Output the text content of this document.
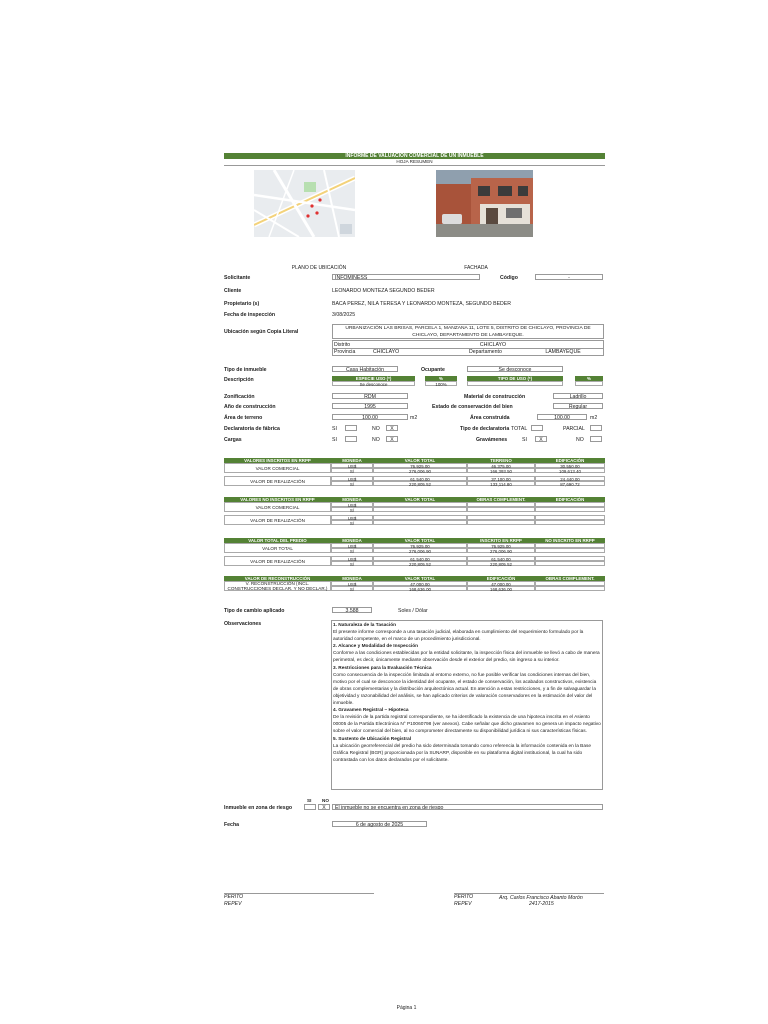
INFORME DE VALUACIÓN COMERCIAL DE UN INMUEBLE
HOJA RESUMEN
PLANO DE UBICACIÓN	FACHADA
Solicitante	INFOMINESS	Código	-
Cliente	LEONARDO MONTEZA SEGUNDO BEDER
Propietario (s)	BACA PEREZ, NILA TERESA Y LEONARDO MONTEZA, SEGUNDO BEDER
Fecha de inspección	3/08/2025
Ubicación según Copia Literal
URBANIZACIÓN LAS BRISAS, PARCELA 1, MANZANA 11, LOTE 5, DISTRITO DE CHICLAYO, PROVINCIA DE CHICLAYO, DEPARTAMENTO DE LAMBAYEQUE.
Distrito	CHICLAYO
Provincia	CHICLAYO	Departamento	LAMBAYEQUE
Tipo de inmueble	Casa Habitación	Ocupante	Se desconoce
Descripción	ESPECIE USO (*)	%	TIPO DE USO (*)	%
Se desconoce	100%
Zonificación	RDM	Material de construcción	Ladrillo
Año de construcción	1995	Estado de conservación del bien	Regular
Área de terreno	100.00	m2	Área construida	100.00	m2
Declaratoria de fábrica	SI	NO	X	Tipo de declaratoria TOTAL	PARCIAL
Cargas	SI	NO	X	Gravámenes	SI	X	NO
VALORES INSCRITOS EN RRPP	MONEDA	VALOR TOTAL	TERRENO	EDIFICACIÓN
VALOR COMERCIAL	US$	76,925.00	46,375.00	30,550.00
S/	276,006.90	166,393.50	109,613.40
VALOR DE REALIZACIÓN	US$	61,540.00	37,100.00	24,440.00
S/	220,805.52	133,114.80	87,690.72
VALORES NO INSCRITOS EN RRPP	MONEDA	VALOR TOTAL	OBRAS COMPLEMENT.	EDIFICACIÓN
VALOR COMERCIAL	US$
S/
VALOR DE REALIZACIÓN	US$
S/
VALOR TOTAL DEL PREDIO	MONEDA	VALOR TOTAL	INSCRITO EN RRPP	NO INSCRITO EN RRPP
VALOR TOTAL	US$	76,925.00	76,925.00
S/	276,006.90	276,006.90
VALOR DE REALIZACIÓN	US$	61,540.00	61,540.00
S/	220,805.52	220,805.52
VALOR DE RECONSTRUCCIÓN	MONEDA	VALOR TOTAL	EDIFICACIÓN	OBRAS COMPLEMENT.
V. RECONSTRUCCIÓN (INCL. CONSTRUCCIONES DECLAR. Y NO DECLAR.)
US$	47,000.00	47,000.00
S/	168,636.00	168,636.00
Tipo de cambio aplicado	3.588	Soles / Dólar
Observaciones	1. Naturaleza de la Tasación

El presente informe corresponde a una tasación judicial, elaborada en cumplimiento del requerimiento formulado por la autoridad competente, en el marco de un procedimiento jurisdiccional.

2. Alcance y Modalidad de Inspección

Conforme a las condiciones establecidas por la entidad solicitante, la inspección física del inmueble se llevó a cabo de manera perimetral, es decir, únicamente mediante observación desde el exterior del predio, sin ingreso a su interior.

3. Restricciones para la Evaluación Técnica

Como consecuencia de la inspección limitada al entorno externo, no fue posible verificar las condiciones internas del bien, motivo por el cual se desconoce la identidad del ocupante, el estado de conservación, los acabados constructivos, existencia de obras complementarias y la distribución arquitectónica actual. En atención a estas restricciones, y a fin de salvaguardar la objetividad y razonabilidad del análisis, se han aplicado criterios de valoración conservadores en la estimación del valor del inmueble.

4. Gravamen Registral – Hipoteca

De la revisión de la partida registral correspondiente, se ha identificado la existencia de una hipoteca inscrita en el Asiento 00005 de la Partida Electrónica N° P10060798 (ver anexos). Cabe señalar que dicho gravamen no genera un impacto negativo sobre el valor comercial del bien, al no comprometer directamente su disponibilidad jurídica ni sus características físicas.

5. Sustento de Ubicación Registral

La ubicación georreferencial del predio ha sido determinada tomando como referencia la información contenida en la Base Gráfica Registral (BGR) proporcionada por la SUNARP, disponible en su plataforma digital institucional, la cual ha sido contrastada con los datos declarados por el solicitante.

SI NO
Inmueble en zona de riesgo	X	El inmueble no se encuentra en zona de riesgo
Fecha	6 de agosto de 2025
PERITO
REPEV
PERITO	Arq. Carlos Francisco Abanto Morón
REPEV	2417-2015
Página 1
